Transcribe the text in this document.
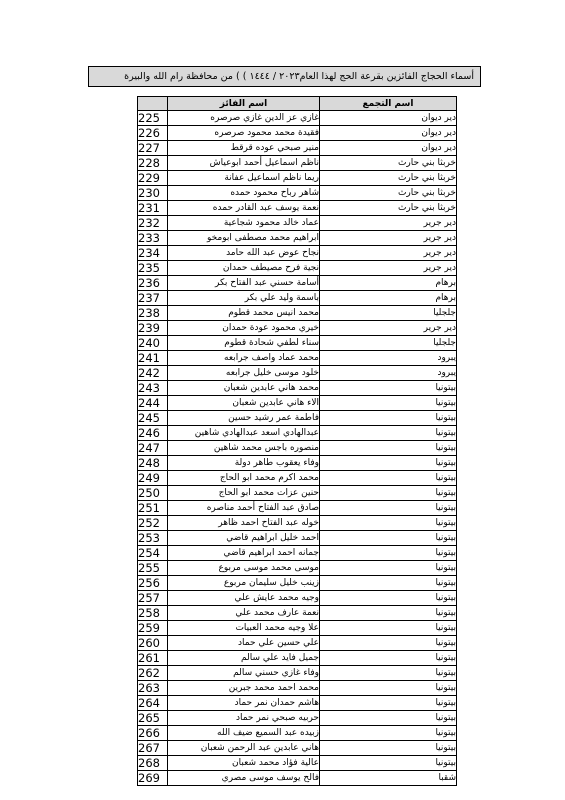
أسماء الحجاج الفائزين بقرعة الحج لهذا العام٢٠٢٣ / ١٤٤٤ ) ) من محافظة رام الله والبيرة
	اسم الفائز	اسم التجمع
225	غازي عز الدين غازي صرصره	دير ديوان
226	فقيدة محمد محمود صرصره	دير ديوان
227	منير صبحي عوده قرقط	دير ديوان
228	ناظم اسماعيل أحمد ابوعياش	خربثا بني حارث
229	ريما ناظم اسماعيل عفانة	خربثا بني حارث
230	شاهر رباح محمود حمده	خربثا بني حارث
231	نعمة يوسف عبد القادر حمده	خربثا بني حارث
232	عماد خالد محمود شجاعية	دير جرير
233	ابراهيم محمد مصطفى ابومخو	دير جرير
234	نجاح عوض عبد الله حامد	دير جرير
235	نجية فرح مصيطف حمدان	دير جرير
236	أسامة حسني عبد الفتاح بكر	برهام
237	باسمة وليد علي بكر	برهام
238	محمد انيس محمد قطوم	جلجليا
239	خيري محمود عودة حمدان	دير جرير
240	سناء لطفي شحادة قطوم	جلجليا
241	محمد عماد واصف جرابعه	يبرود
242	خلود موسى خليل جرابعه	يبرود
243	محمد هاني عابدين شعبان	بيتونيا
244	الاء هاني عابدين شعبان	بيتونيا
245	فاطمة عمر رشيد حسين	بيتونيا
246	عبدالهادي اسعد عبدالهادي شاهين	بيتونيا
247	منصوره باجس محمد شاهين	بيتونيا
248	وفاء يعقوب طاهر دولة	بيتونيا
249	محمد اكرم محمد ابو الحاج	بيتونيا
250	حنين عزات محمد ابو الحاج	بيتونيا
251	صادق عبد الفتاح أحمد مناصره	بيتونيا
252	خوله عبد الفتاح احمد ظاهر	بيتونيا
253	احمد خليل ابراهيم قاضي	بيتونيا
254	جمانه احمد ابراهيم قاضي	بيتونيا
255	موسى محمد موسى مربوع	بيتونيا
256	زينب خليل سليمان مربوع	بيتونيا
257	وجيه محمد عايش علي	بيتونيا
258	نعمة عارف محمد علي	بيتونيا
259	علا وجيه محمد العبيات	بيتونيا
260	علي حسين علي حماد	بيتونيا
261	جميل فايد علي سالم	بيتونيا
262	وفاء غازي حسني سالم	بيتونيا
263	محمد احمد محمد جبرين	بيتونيا
264	هاشم حمدان نمر حماد	بيتونيا
265	حربيه صبحي نمر حماد	بيتونيا
266	زبيده عبد السميع ضيف الله	بيتونيا
267	هاني عابدين عبد الرحمن شعبان	بيتونيا
268	عالية فؤاد محمد شعبان	بيتونيا
269	فالح يوسف موسى مصري	شقبا
